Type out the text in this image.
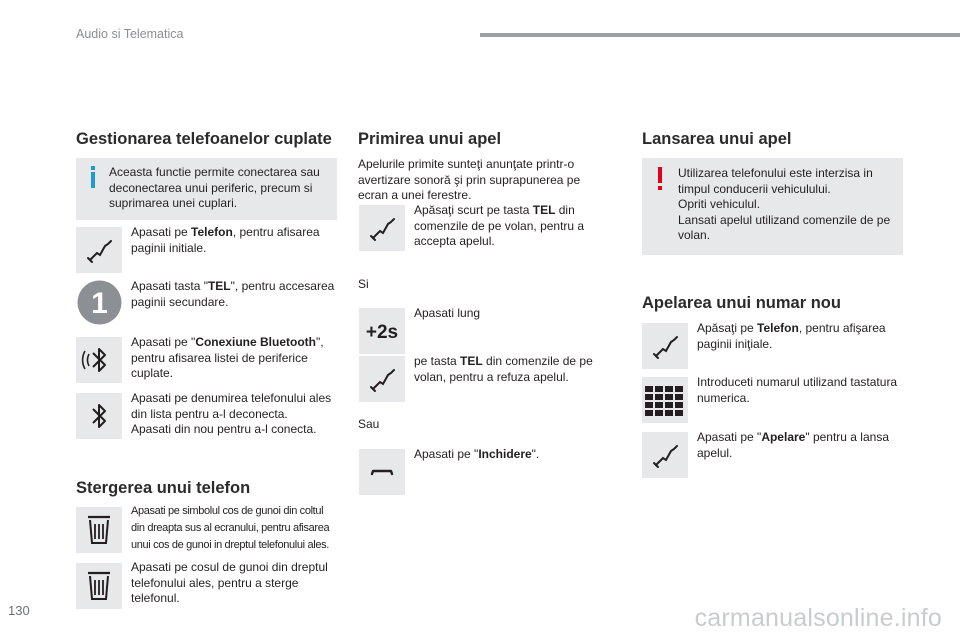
Audio si Telematica
Gestionarea telefoanelor cuplate
Aceasta functie permite conectarea sau deconectarea unui periferic, precum si suprimarea unei cuplari.
Apasati pe Telefon, pentru afisarea paginii initiale.
1
Apasati tasta "TEL", pentru accesarea paginii secundare.
Apasati pe "Conexiune Bluetooth", pentru afisarea listei de periferice cuplate.
Apasati pe denumirea telefonului ales din lista pentru a-l deconecta.
Apasati din nou pentru a-l conecta.
Stergerea unui telefon
Apasati pe simbolul cos de gunoi din coltul din dreapta sus al ecranului, pentru afisarea unui cos de gunoi in dreptul telefonului ales.
Apasati pe cosul de gunoi din dreptul telefonului ales, pentru a sterge telefonul.
Primirea unui apel
Apelurile primite sunteţi anunţate printr-o avertizare sonoră şi prin suprapunerea pe ecran a unei ferestre.
Apăsaţi scurt pe tasta TEL din comenzile de pe volan, pentru a accepta apelul.
Si
+2s
Apasati lung
pe tasta TEL din comenzile de pe volan, pentru a refuza apelul.
Sau
Apasati pe "Inchidere".
Lansarea unui apel
Utilizarea telefonului este interzisa in timpul conducerii vehiculului.
Opriti vehiculul.
Lansati apelul utilizand comenzile de pe volan.
Apelarea unui numar nou
Apăsaţi pe Telefon, pentru afişarea paginii iniţiale.
Introduceti numarul utilizand tastatura numerica.
Apasati pe "Apelare" pentru a lansa apelul.
130	carmanualsonline.info
